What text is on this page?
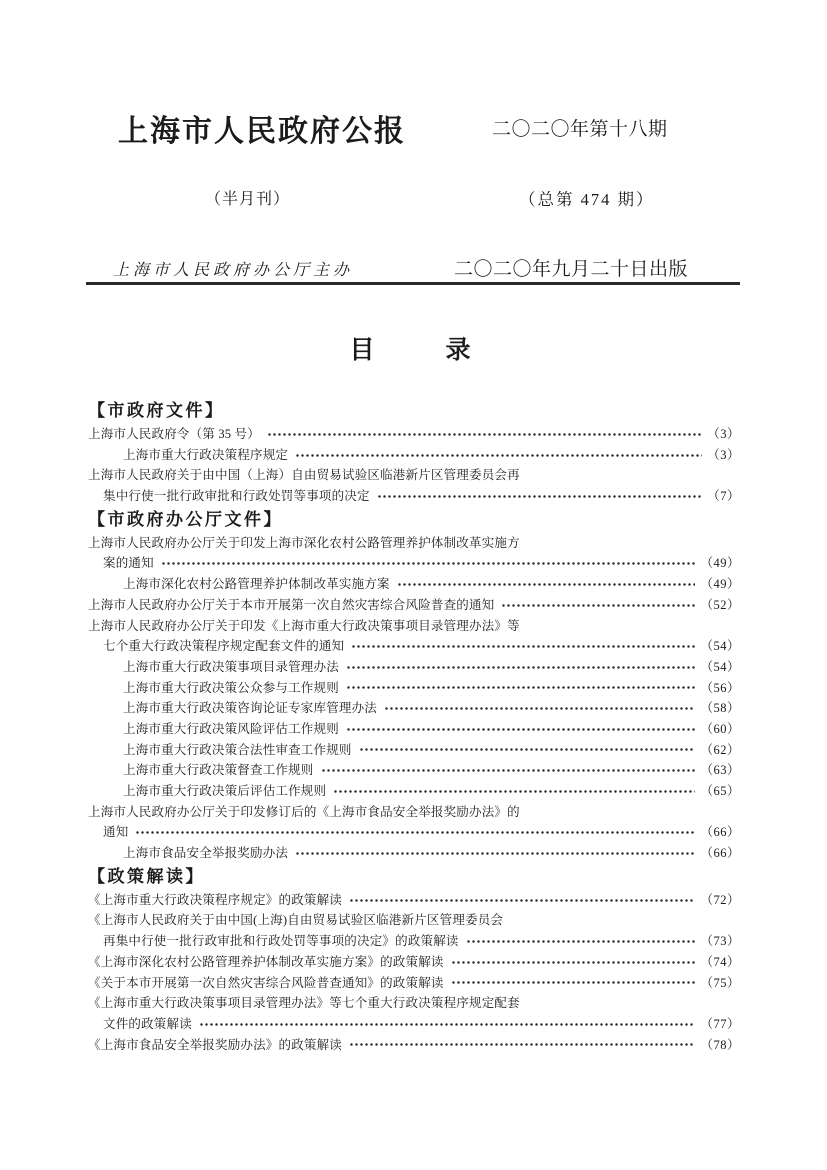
上海市人民政府公报	二〇二〇年第十八期
（半月刊）	（总第 474 期）
上海市人民政府办公厅主办	二〇二〇年九月二十日出版
目　　录
【市政府文件】
上海市人民政府令（第 35 号）	（3）
上海市重大行政决策程序规定	（3）
上海市人民政府关于由中国（上海）自由贸易试验区临港新片区管理委员会再
集中行使一批行政审批和行政处罚等事项的决定	（7）
【市政府办公厅文件】
上海市人民政府办公厅关于印发上海市深化农村公路管理养护体制改革实施方
案的通知	（49）
上海市深化农村公路管理养护体制改革实施方案	（49）
上海市人民政府办公厅关于本市开展第一次自然灾害综合风险普查的通知	（52）
上海市人民政府办公厅关于印发《上海市重大行政决策事项目录管理办法》等
七个重大行政决策程序规定配套文件的通知	（54）
上海市重大行政决策事项目录管理办法	（54）
上海市重大行政决策公众参与工作规则	（56）
上海市重大行政决策咨询论证专家库管理办法	（58）
上海市重大行政决策风险评估工作规则	（60）
上海市重大行政决策合法性审查工作规则	（62）
上海市重大行政决策督查工作规则	（63）
上海市重大行政决策后评估工作规则	（65）
上海市人民政府办公厅关于印发修订后的《上海市食品安全举报奖励办法》的
通知	（66）
上海市食品安全举报奖励办法	（66）
【政策解读】
《上海市重大行政决策程序规定》的政策解读	（72）
《上海市人民政府关于由中国(上海)自由贸易试验区临港新片区管理委员会
再集中行使一批行政审批和行政处罚等事项的决定》的政策解读	（73）
《上海市深化农村公路管理养护体制改革实施方案》的政策解读	（74）
《关于本市开展第一次自然灾害综合风险普查通知》的政策解读	（75）
《上海市重大行政决策事项目录管理办法》等七个重大行政决策程序规定配套
文件的政策解读	（77）
《上海市食品安全举报奖励办法》的政策解读	（78）
